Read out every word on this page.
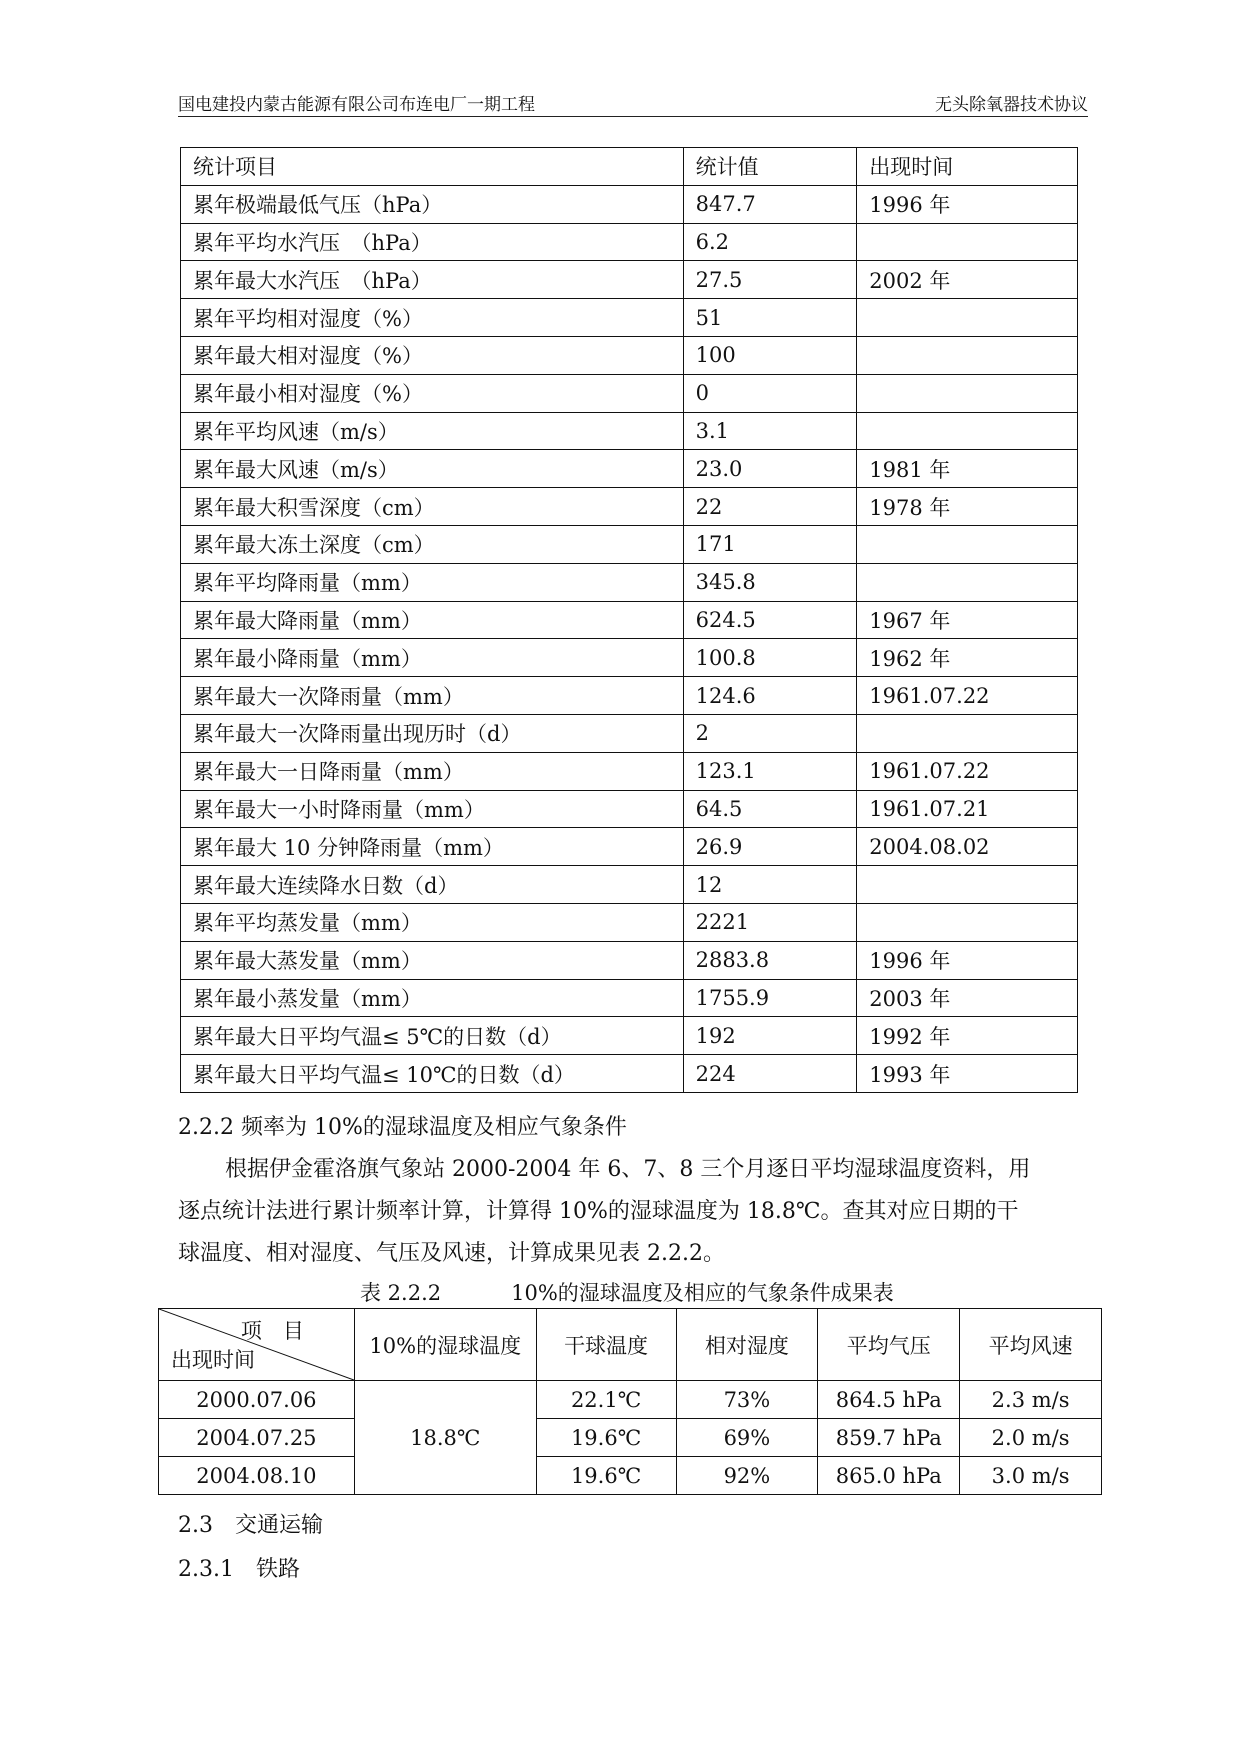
国电建投内蒙古能源有限公司布连电厂一期工程	无头除氧器技术协议
统计项目	统计值	出现时间
累年极端最低气压（hPa）	847.7	1996 年
累年平均水汽压　（hPa）	6.2	
累年最大水汽压　（hPa）	27.5	2002 年
累年平均相对湿度（%）	51	
累年最大相对湿度（%）	100	
累年最小相对湿度（%）	0	
累年平均风速（m/s）	3.1	
累年最大风速（m/s）	23.0	1981 年
累年最大积雪深度（cm）	22	1978 年
累年最大冻土深度（cm）	171	
累年平均降雨量（mm）	345.8	
累年最大降雨量（mm）	624.5	1967 年
累年最小降雨量（mm）	100.8	1962 年
累年最大一次降雨量（mm）	124.6	1961.07.22
累年最大一次降雨量出现历时（d）	2	
累年最大一日降雨量（mm）	123.1	1961.07.22
累年最大一小时降雨量（mm）	64.5	1961.07.21
累年最大 10 分钟降雨量（mm）	26.9	2004.08.02
累年最大连续降水日数（d）	12	
累年平均蒸发量（mm）	2221	
累年最大蒸发量（mm）	2883.8	1996 年
累年最小蒸发量（mm）	1755.9	2003 年
累年最大日平均气温≤ 5℃的日数（d）	192	1992 年
累年最大日平均气温≤ 10℃的日数（d）	224	1993 年
2.2.2 频率为 10%的湿球温度及相应气象条件
根据伊金霍洛旗气象站 2000-2004 年 6、7、8 三个月逐日平均湿球温度资料，用
逐点统计法进行累计频率计算，计算得 10%的湿球温度为 18.8℃。查其对应日期的干
球温度、相对湿度、气压及风速，计算成果见表 2.2.2。
表 2.2.2	10%的湿球温度及相应的气象条件成果表
项　目
出现时间	10%的湿球温度	干球温度	相对湿度	平均气压	平均风速
2000.07.06	18.8℃	22.1℃	73%	864.5 hPa	2.3 m/s
2004.07.25		19.6℃	69%	859.7 hPa	2.0 m/s
2004.08.10		19.6℃	92%	865.0 hPa	3.0 m/s
2.3　交通运输
2.3.1　铁路
